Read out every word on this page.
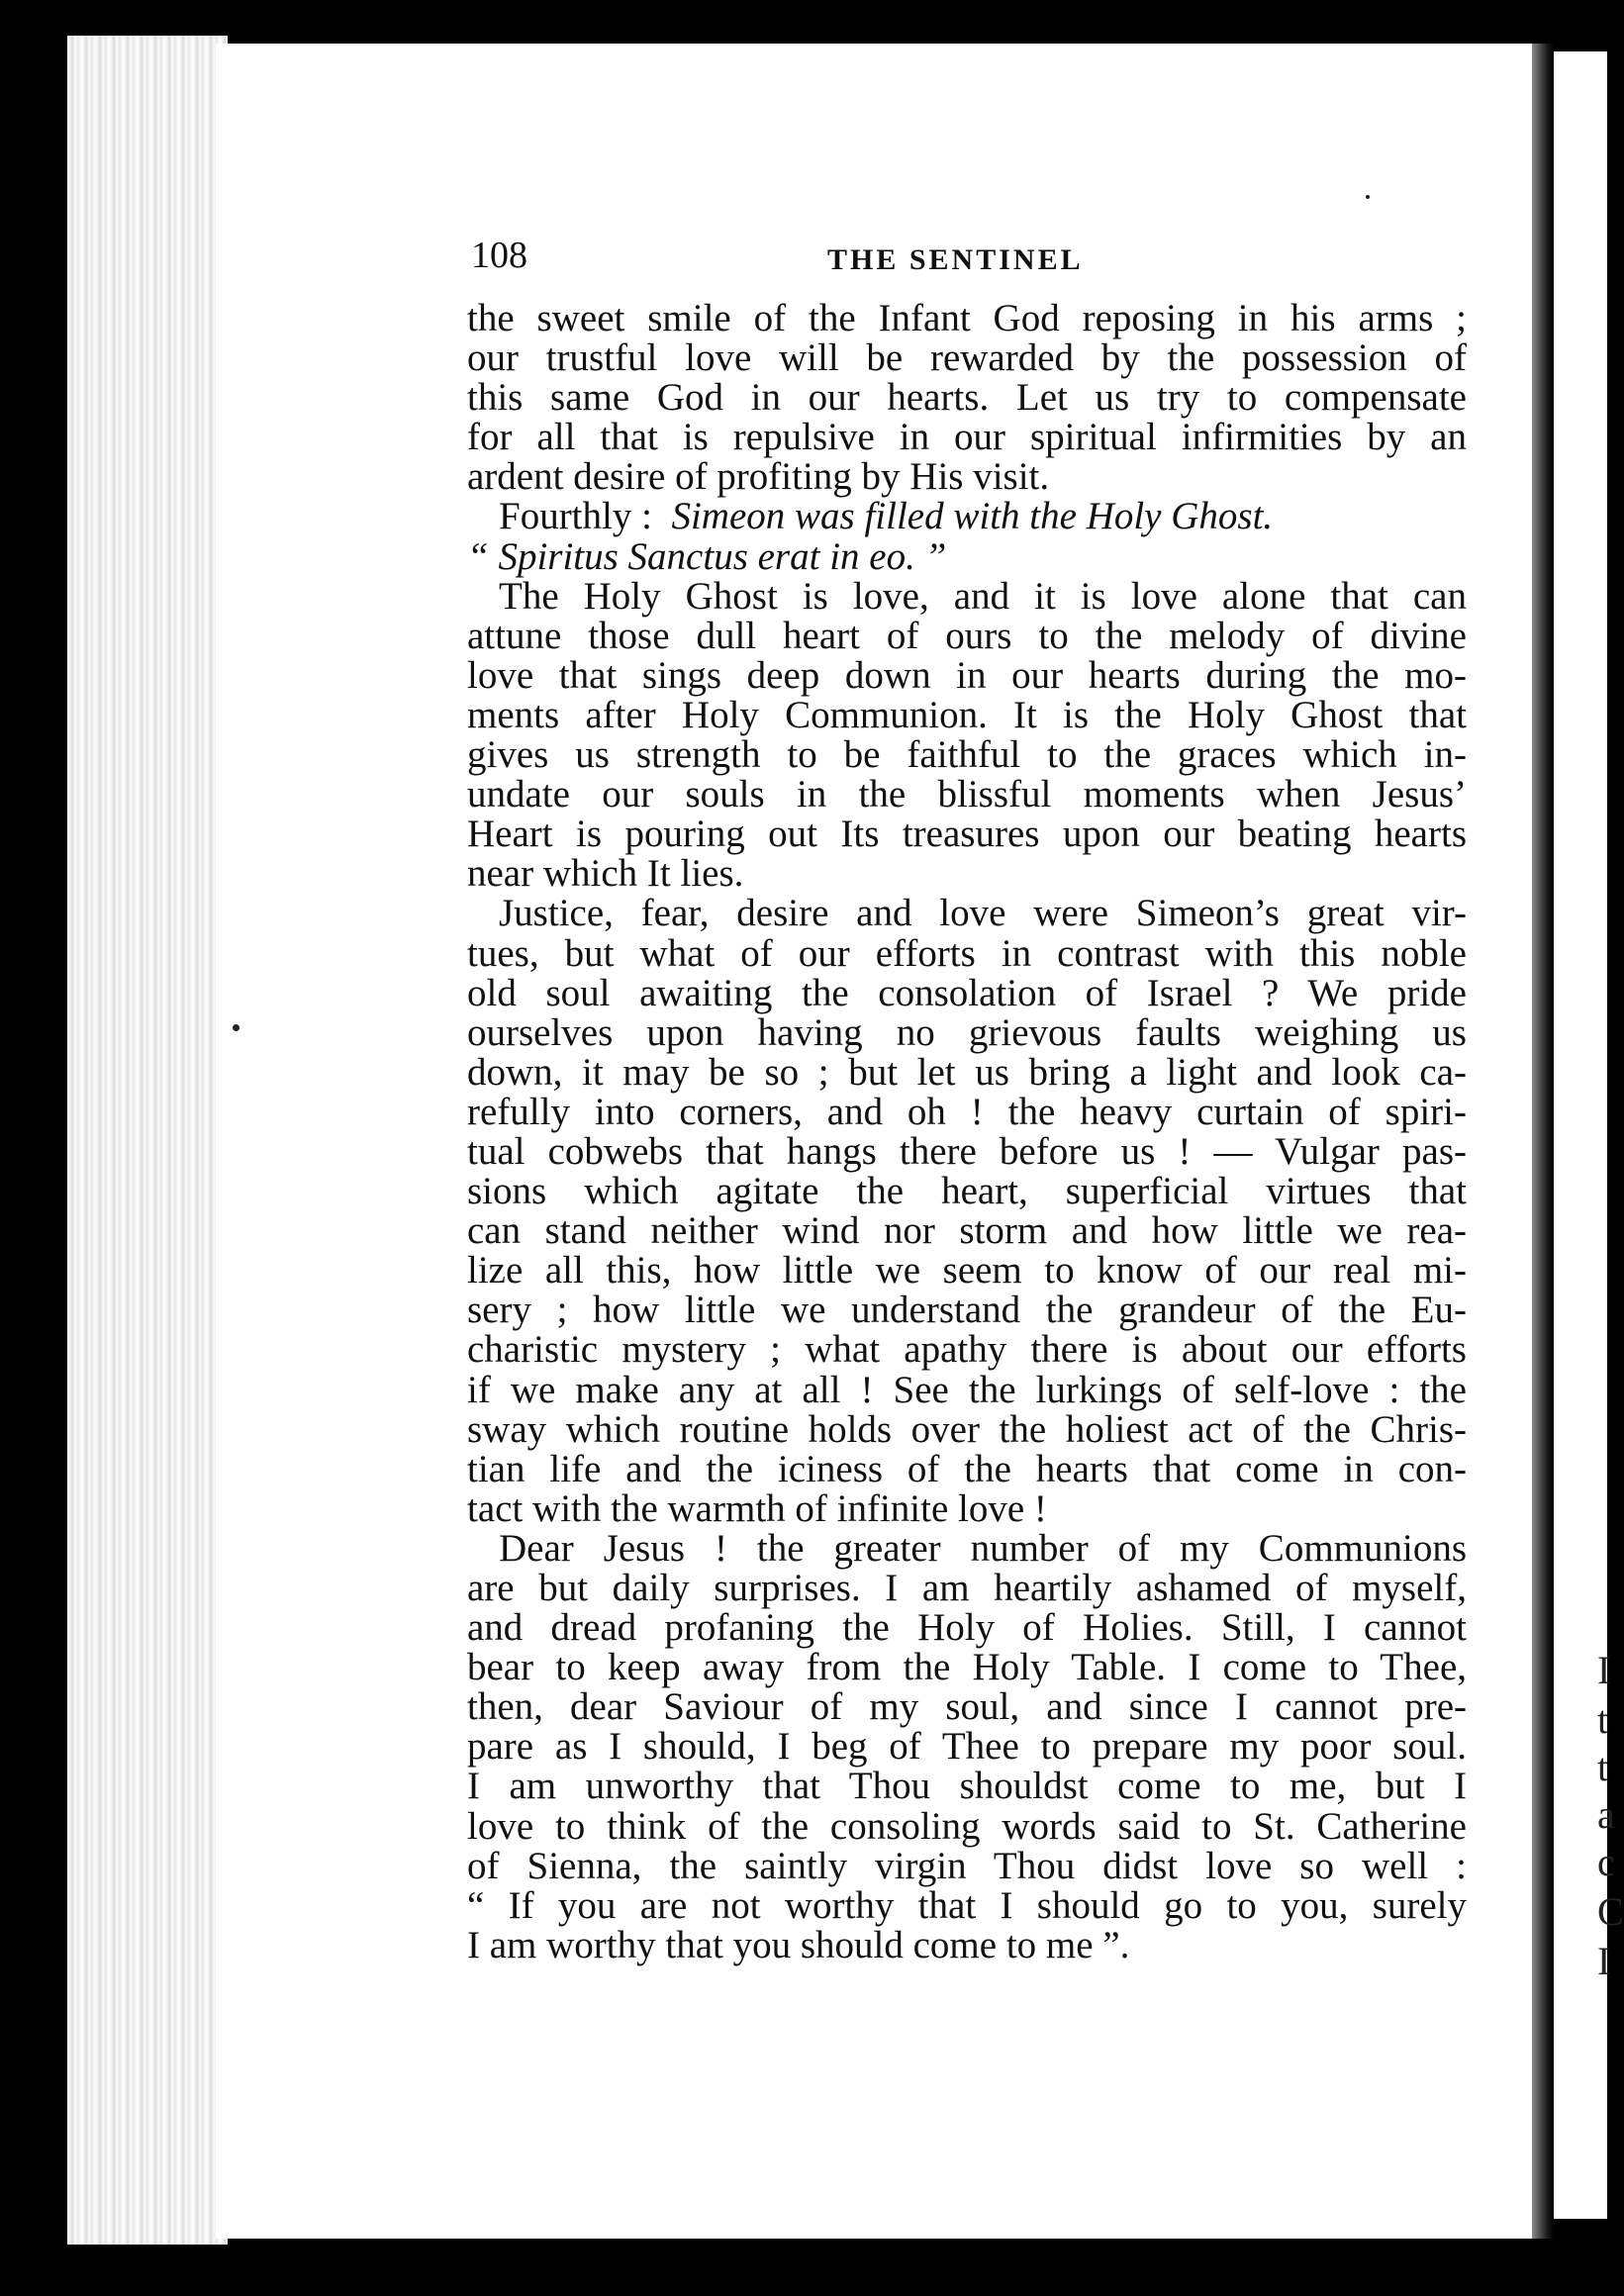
I
t
t
a
c
C
I
108	THE SENTINEL
the sweet smile of the Infant God reposing in his arms ;
our trustful love will be rewarded by the possession of
this same God in our hearts. Let us try to compensate
for all that is repulsive in our spiritual infirmities by an
ardent desire of profiting by His visit.
Fourthly : Simeon was filled with the Holy Ghost.
“ Spiritus Sanctus erat in eo. ”
The Holy Ghost is love, and it is love alone that can
attune those dull heart of ours to the melody of divine
love that sings deep down in our hearts during the mo-
ments after Holy Communion. It is the Holy Ghost that
gives us strength to be faithful to the graces which in-
undate our souls in the blissful moments when Jesus’
Heart is pouring out Its treasures upon our beating hearts
near which It lies.
Justice, fear, desire and love were Simeon’s great vir-
tues, but what of our efforts in contrast with this noble
old soul awaiting the consolation of Israel ? We pride
ourselves upon having no grievous faults weighing us
down, it may be so ; but let us bring a light and look ca-
refully into corners, and oh ! the heavy curtain of spiri-
tual cobwebs that hangs there before us ! — Vulgar pas-
sions which agitate the heart, superficial virtues that
can stand neither wind nor storm and how little we rea-
lize all this, how little we seem to know of our real mi-
sery ; how little we understand the grandeur of the Eu-
charistic mystery ; what apathy there is about our efforts
if we make any at all ! See the lurkings of self-love : the
sway which routine holds over the holiest act of the Chris-
tian life and the iciness of the hearts that come in con-
tact with the warmth of infinite love !
Dear Jesus ! the greater number of my Communions
are but daily surprises. I am heartily ashamed of myself,
and dread profaning the Holy of Holies. Still, I cannot
bear to keep away from the Holy Table. I come to Thee,
then, dear Saviour of my soul, and since I cannot pre-
pare as I should, I beg of Thee to prepare my poor soul.
I am unworthy that Thou shouldst come to me, but I
love to think of the consoling words said to St. Catherine
of Sienna, the saintly virgin Thou didst love so well :
“ If you are not worthy that I should go to you, surely
I am worthy that you should come to me ”.
